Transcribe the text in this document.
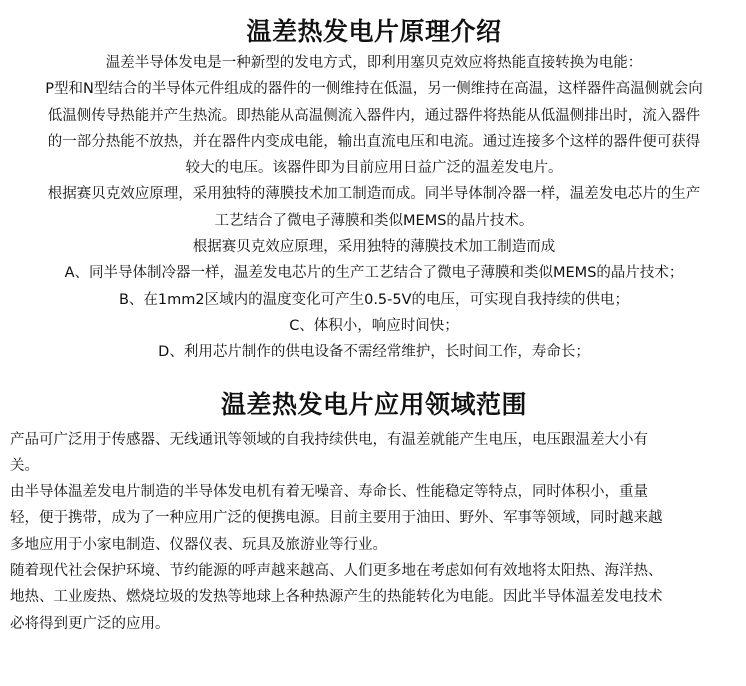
温差热发电片原理介绍

温差半导体发电是一种新型的发电方式，即利用塞贝克效应将热能直接转换为电能：
P型和N型结合的半导体元件组成的器件的一侧维持在低温，另一侧维持在高温，这样器件高温侧就会向
低温侧传导热能并产生热流。即热能从高温侧流入器件内，通过器件将热能从低温侧排出时，流入器件
的一部分热能不放热，并在器件内变成电能，输出直流电压和电流。通过连接多个这样的器件便可获得
较大的电压。该器件即为目前应用日益广泛的温差发电片。
根据赛贝克效应原理，采用独特的薄膜技术加工制造而成。同半导体制冷器一样，温差发电芯片的生产
工艺结合了微电子薄膜和类似MEMS的晶片技术。
根据赛贝克效应原理，采用独特的薄膜技术加工制造而成
A、同半导体制冷器一样，温差发电芯片的生产工艺结合了微电子薄膜和类似MEMS的晶片技术；
B、在1mm2区域内的温度变化可产生0.5-5V的电压，可实现自我持续的供电；
C、体积小，响应时间快；
D、利用芯片制作的供电设备不需经常维护，长时间工作，寿命长；

温差热发电片应用领域范围

产品可广泛用于传感器、无线通讯等领域的自我持续供电，有温差就能产生电压，电压跟温差大小有
关。
由半导体温差发电片制造的半导体发电机有着无噪音、寿命长、性能稳定等特点，同时体积小，重量
轻，便于携带，成为了一种应用广泛的便携电源。目前主要用于油田、野外、军事等领域，同时越来越
多地应用于小家电制造、仪器仪表、玩具及旅游业等行业。
随着现代社会保护环境、节约能源的呼声越来越高、人们更多地在考虑如何有效地将太阳热、海洋热、
地热、工业废热、燃烧垃圾的发热等地球上各种热源产生的热能转化为电能。因此半导体温差发电技术
必将得到更广泛的应用。
